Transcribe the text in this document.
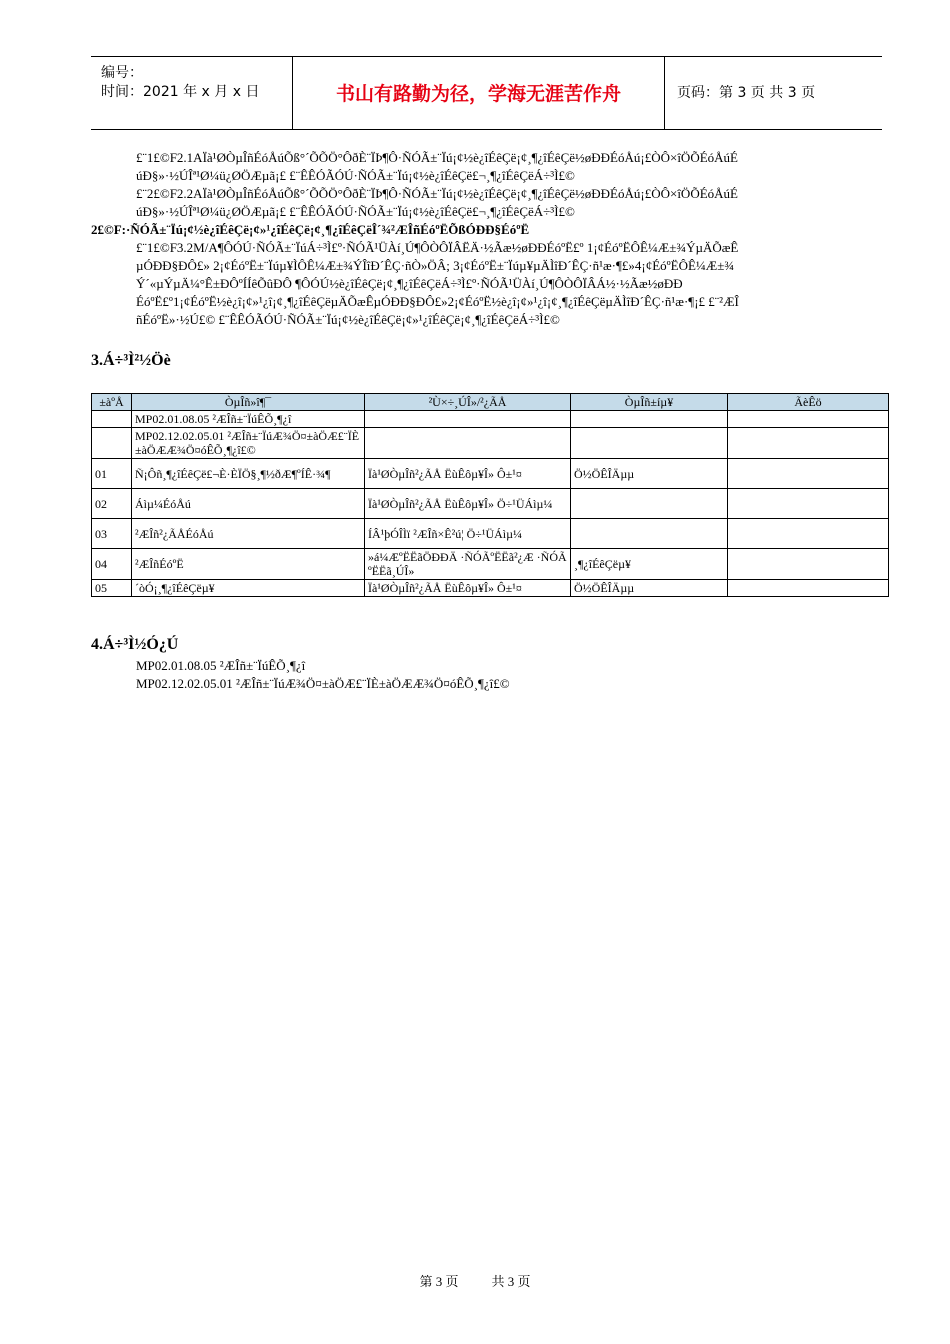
编号：
时间：2021 年 x 月 x 日	书山有路勤为径，学海无涯苦作舟	页码：第 3 页 共 3 页
£¨1£©F2.1AÏà¹ØÒµÎñÉóÅúÕß°´ÕÕÖ°ÔðÈ¨ÏÞ¶Ô·ÑÓÃ±¨Ïú¡¢½è¿îÉêÇë¡¢¸¶¿îÉêÇë½øÐÐÉóÅú¡£ÒÔ×îÖÕÉóÅúÉ
úÐ§»·½ÚÎª¹Ø¼ü¿ØÖÆµã¡£ £¨ÊÊÓÃÓÚ·ÑÓÃ±¨Ïú¡¢½è¿îÉêÇë£¬¸¶¿îÉêÇëÁ÷³Ì£©
£¨2£©F2.2AÏà¹ØÒµÎñÉóÅúÕß°´ÕÕÖ°ÔðÈ¨ÏÞ¶Ô·ÑÓÃ±¨Ïú¡¢½è¿îÉêÇë¡¢¸¶¿îÉêÇë½øÐÐÉóÅú¡£ÒÔ×îÖÕÉóÅúÉ
úÐ§»·½ÚÎª¹Ø¼ü¿ØÖÆµã¡£ £¨ÊÊÓÃÓÚ·ÑÓÃ±¨Ïú¡¢½è¿îÉêÇë£¬¸¶¿îÉêÇëÁ÷³Ì£©
2£©F:·ÑÓÃ±¨Ïú¡¢½è¿îÉêÇë¡¢»¹¿îÉêÇë¡¢¸¶¿îÉêÇëÎ´¾²ÆÎñÉóºËÕßÓÐÐ§ÉóºË
£¨1£©F3.2M/A¶ÔÓÚ·ÑÓÃ±¨ÏúÁ÷³Ì£º·ÑÓÃ¹ÜÀí¸Ú¶ÔÒÔÏÂËÄ·½Ãæ½øÐÐÉóºË£º 1¡¢ÉóºËÔÊ¼Æ±¾ÝµÄÕæÊ
µÓÐÐ§ÐÔ£» 2¡¢ÉóºË±¨Ïúµ¥ÌÔÊ¼Æ±¾ÝÎîÐ´ÊÇ·ñÒ»ÖÂ; 3¡¢ÉóºË±¨Ïúµ¥µÄÌîÐ´ÊÇ·ñ¹æ·¶£»4¡¢ÉóºËÔÊ¼Æ±¾
Ý´«µÝµÄ¼°Ê±ÐÔºÍÍêÕûÐÔ ¶ÔÓÚ½è¿îÉêÇë¡¢¸¶¿îÉêÇëÁ÷³Ì£º·ÑÓÃ¹ÜÀí¸Ú¶ÔÒÔÏÂÁ½·½Ãæ½øÐÐ
ÉóºË£º1¡¢ÉóºË½è¿î¡¢»¹¿î¡¢¸¶¿îÉêÇëµÄÕæÊµÓÐÐ§ÐÔ£»2¡¢ÉóºË½è¿î¡¢»¹¿î¡¢¸¶¿îÉêÇëµÄÌîÐ´ÊÇ·ñ¹æ·¶¡£ £¨²ÆÎ
ñÉóºË»·½Ú£© £¨ÊÊÓÃÓÚ·ÑÓÃ±¨Ïú¡¢½è¿îÉêÇë¡¢»¹¿îÉêÇë¡¢¸¶¿îÉêÇëÁ÷³Ì£©
3.Á÷³Ì²½Öè
±àºÅ	ÒµÎñ»î¶¯	²Ù×÷¸ÚÎ»/²¿ÃÅ	ÒµÎñ±íµ¥	ÃèÊö
	MP02.01.08.05 ²ÆÎñ±¨ÏúÊÕ¸¶¿î			
	MP02.12.02.05.01 ²ÆÎñ±¨ÏúÆ¾Ö¤±àÖÆ£¨ÏÈ±àÖÆÆ¾Ö¤óÊÕ¸¶¿î£©			
01	Ñ¡Ôñ¸¶¿îÉêÇë£¬È·ÈÏÖ§¸¶½ðÆ¶ºÍÊ·¾¶	Ïà¹ØÒµÎñ²¿ÃÅ ËùÊôµ¥Î» Ô±¹¤	Ö½ÖÊÎÄµµ	
02	Áìµ¼ÉóÅú	Ïà¹ØÒµÎñ²¿ÃÅ ËùÊôµ¥Î» Ö÷¹ÜÁìµ¼		
03	²ÆÎñ²¿ÃÅÉóÅú	ÍÂ¹þÓÎÌï ²ÆÎñ×Ê²ú¦ Ö÷¹ÜÁìµ¼		
04	²ÆÎñÉóºË	»á¼ÆºËËãÖÐÐÄ ·ÑÓÃºËËã²¿Æ ·ÑÓÃºËËã¸ÚÎ»	¸¶¿îÉêÇëµ¥	
05	´òÓ¡¸¶¿îÉêÇëµ¥	Ïà¹ØÒµÎñ²¿ÃÅ ËùÊôµ¥Î» Ô±¹¤	Ö½ÖÊÎÄµµ	
4.Á÷³Ì½Ó¿Ú
MP02.01.08.05 ²ÆÎñ±¨ÏúÊÕ¸¶¿î
MP02.12.02.05.01 ²ÆÎñ±¨ÏúÆ¾Ö¤±àÖÆ£¨ÏÈ±àÖÆÆ¾Ö¤óÊÕ¸¶¿î£©
第 3 页	共 3 页
